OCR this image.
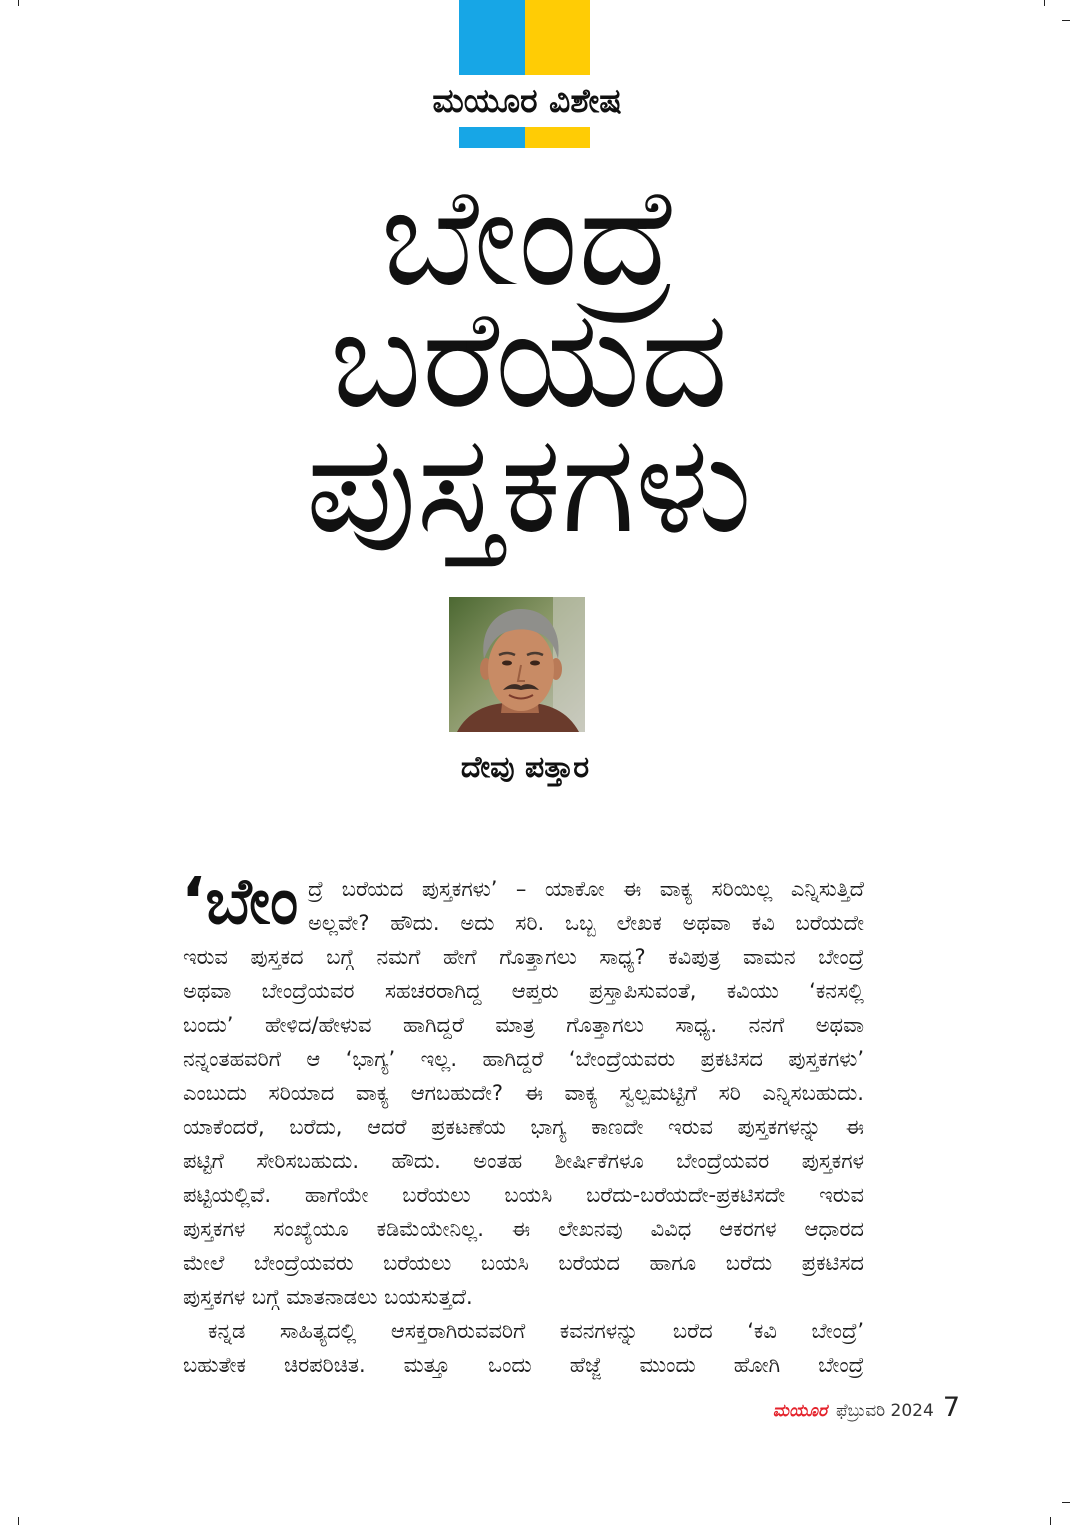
ಮಯೂರ ವಿಶೇಷ
ಬೇಂದ್ರೆ
ಬರೆಯದ
ಪುಸ್ತಕಗಳು
ದೇವು ಪತ್ತಾರ
‘ಬೇಂ ದ್ರೆ ಬರೆಯದ ಪುಸ್ತಕಗಳು’ – ಯಾಕೋ ಈ ವಾಕ್ಯ ಸರಿಯಿಲ್ಲ ಎನ್ನಿಸುತ್ತಿದೆ
ಅಲ್ಲವೇ? ಹೌದು. ಅದು ಸರಿ. ಒಬ್ಬ ಲೇಖಕ ಅಥವಾ ಕವಿ ಬರೆಯದೇ
ಇರುವ ಪುಸ್ತಕದ ಬಗ್ಗೆ ನಮಗೆ ಹೇಗೆ ಗೊತ್ತಾಗಲು ಸಾಧ್ಯ? ಕವಿಪುತ್ರ ವಾಮನ ಬೇಂದ್ರೆ
ಅಥವಾ ಬೇಂದ್ರೆಯವರ ಸಹಚರರಾಗಿದ್ದ ಆಪ್ತರು ಪ್ರಸ್ತಾಪಿಸುವಂತೆ, ಕವಿಯು ‘ಕನಸಲ್ಲಿ
ಬಂದು’ ಹೇಳಿದ/ಹೇಳುವ ಹಾಗಿದ್ದರೆ ಮಾತ್ರ ಗೊತ್ತಾಗಲು ಸಾಧ್ಯ. ನನಗೆ ಅಥವಾ
ನನ್ನಂತಹವರಿಗೆ ಆ ‘ಭಾಗ್ಯ’ ಇಲ್ಲ. ಹಾಗಿದ್ದರೆ ‘ಬೇಂದ್ರೆಯವರು ಪ್ರಕಟಿಸದ ಪುಸ್ತಕಗಳು’
ಎಂಬುದು ಸರಿಯಾದ ವಾಕ್ಯ ಆಗಬಹುದೇ? ಈ ವಾಕ್ಯ ಸ್ವಲ್ಪಮಟ್ಟಿಗೆ ಸರಿ ಎನ್ನಿಸಬಹುದು.
ಯಾಕೆಂದರೆ, ಬರೆದು, ಆದರೆ ಪ್ರಕಟಣೆಯ ಭಾಗ್ಯ ಕಾಣದೇ ಇರುವ ಪುಸ್ತಕಗಳನ್ನು ಈ
ಪಟ್ಟಿಗೆ ಸೇರಿಸಬಹುದು. ಹೌದು. ಅಂತಹ ಶೀರ್ಷಿಕೆಗಳೂ ಬೇಂದ್ರೆಯವರ ಪುಸ್ತಕಗಳ
ಪಟ್ಟಿಯಲ್ಲಿವೆ. ಹಾಗೆಯೇ ಬರೆಯಲು ಬಯಸಿ ಬರೆದು-ಬರೆಯದೇ-ಪ್ರಕಟಿಸದೇ ಇರುವ
ಪುಸ್ತಕಗಳ ಸಂಖ್ಯೆಯೂ ಕಡಿಮೆಯೇನಿಲ್ಲ. ಈ ಲೇಖನವು ವಿವಿಧ ಆಕರಗಳ ಆಧಾರದ
ಮೇಲೆ ಬೇಂದ್ರೆಯವರು ಬರೆಯಲು ಬಯಸಿ ಬರೆಯದ ಹಾಗೂ ಬರೆದು ಪ್ರಕಟಿಸದ
ಪುಸ್ತಕಗಳ ಬಗ್ಗೆ ಮಾತನಾಡಲು ಬಯಸುತ್ತದೆ.
ಕನ್ನಡ ಸಾಹಿತ್ಯದಲ್ಲಿ ಆಸಕ್ತರಾಗಿರುವವರಿಗೆ ಕವನಗಳನ್ನು ಬರೆದ ‘ಕವಿ ಬೇಂದ್ರೆ’
ಬಹುತೇಕ ಚಿರಪರಿಚಿತ. ಮತ್ತೂ ಒಂದು ಹೆಜ್ಜೆ ಮುಂದು ಹೋಗಿ ಬೇಂದ್ರೆ
ಮಯೂರ ಫೆಬ್ರುವರಿ 2024 7
